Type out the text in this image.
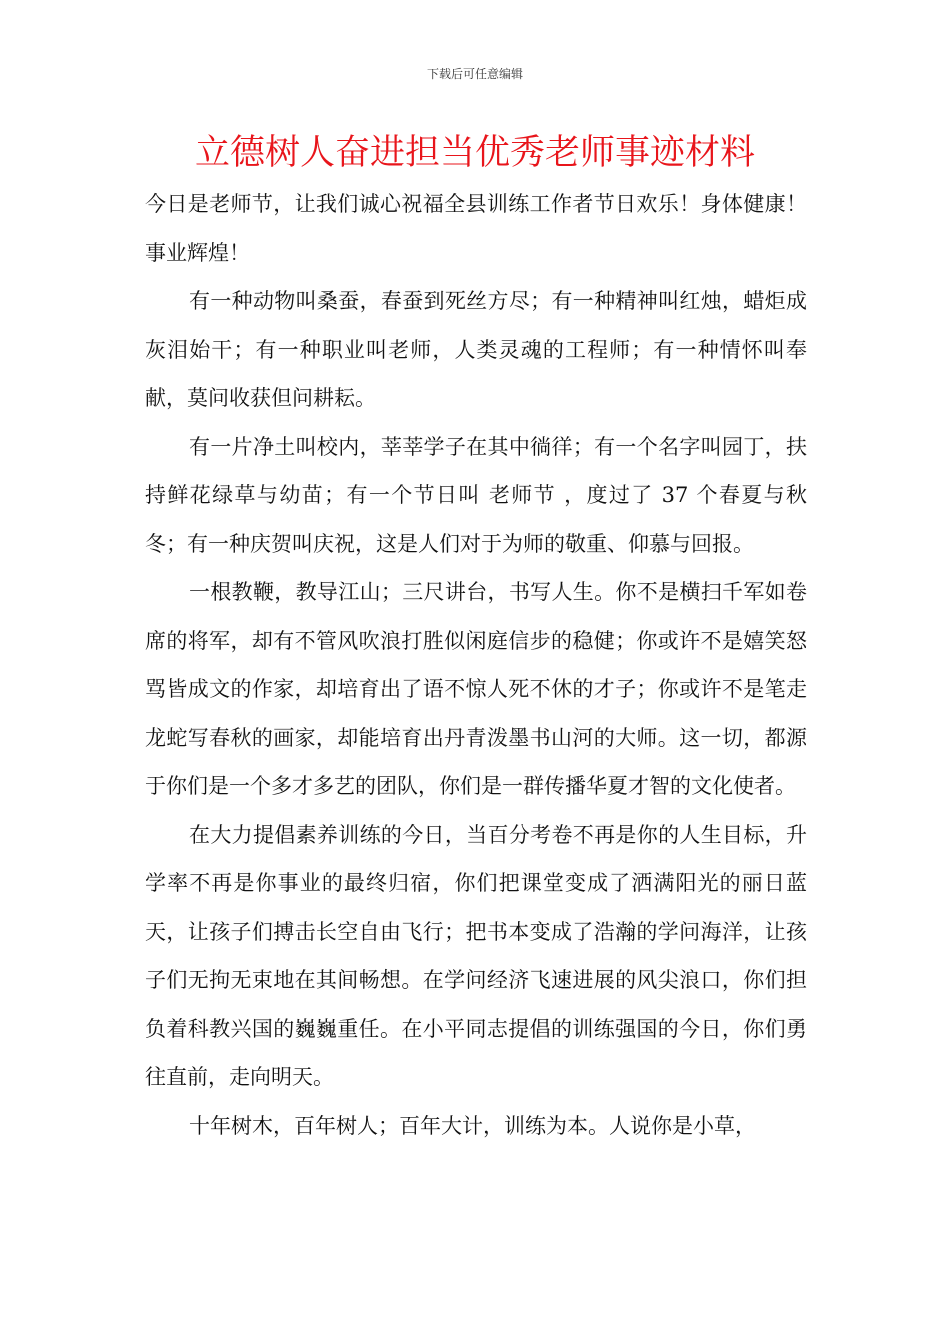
下载后可任意编辑
立德树人奋进担当优秀老师事迹材料

今日是老师节，让我们诚心祝福全县训练工作者节日欢乐！身体健康！事业辉煌！

有一种动物叫桑蚕，春蚕到死丝方尽；有一种精神叫红烛，蜡炬成灰泪始干；有一种职业叫老师，人类灵魂的工程师；有一种情怀叫奉献，莫问收获但问耕耘。

有一片净土叫校内，莘莘学子在其中徜徉；有一个名字叫园丁，扶持鲜花绿草与幼苗；有一个节日叫 老师节 ，度过了 37 个春夏与秋冬；有一种庆贺叫庆祝，这是人们对于为师的敬重、仰慕与回报。

一根教鞭，教导江山；三尺讲台，书写人生。你不是横扫千军如卷席的将军，却有不管风吹浪打胜似闲庭信步的稳健；你或许不是嬉笑怒骂皆成文的作家，却培育出了语不惊人死不休的才子；你或许不是笔走龙蛇写春秋的画家，却能培育出丹青泼墨书山河的大师。这一切，都源于你们是一个多才多艺的团队，你们是一群传播华夏才智的文化使者。

在大力提倡素养训练的今日，当百分考卷不再是你的人生目标，升学率不再是你事业的最终归宿，你们把课堂变成了洒满阳光的丽日蓝天，让孩子们搏击长空自由飞行；把书本变成了浩瀚的学问海洋，让孩子们无拘无束地在其间畅想。在学问经济飞速进展的风尖浪口，你们担负着科教兴国的巍巍重任。在小平同志提倡的训练强国的今日，你们勇往直前，走向明天。

十年树木，百年树人；百年大计，训练为本。人说你是小草，
